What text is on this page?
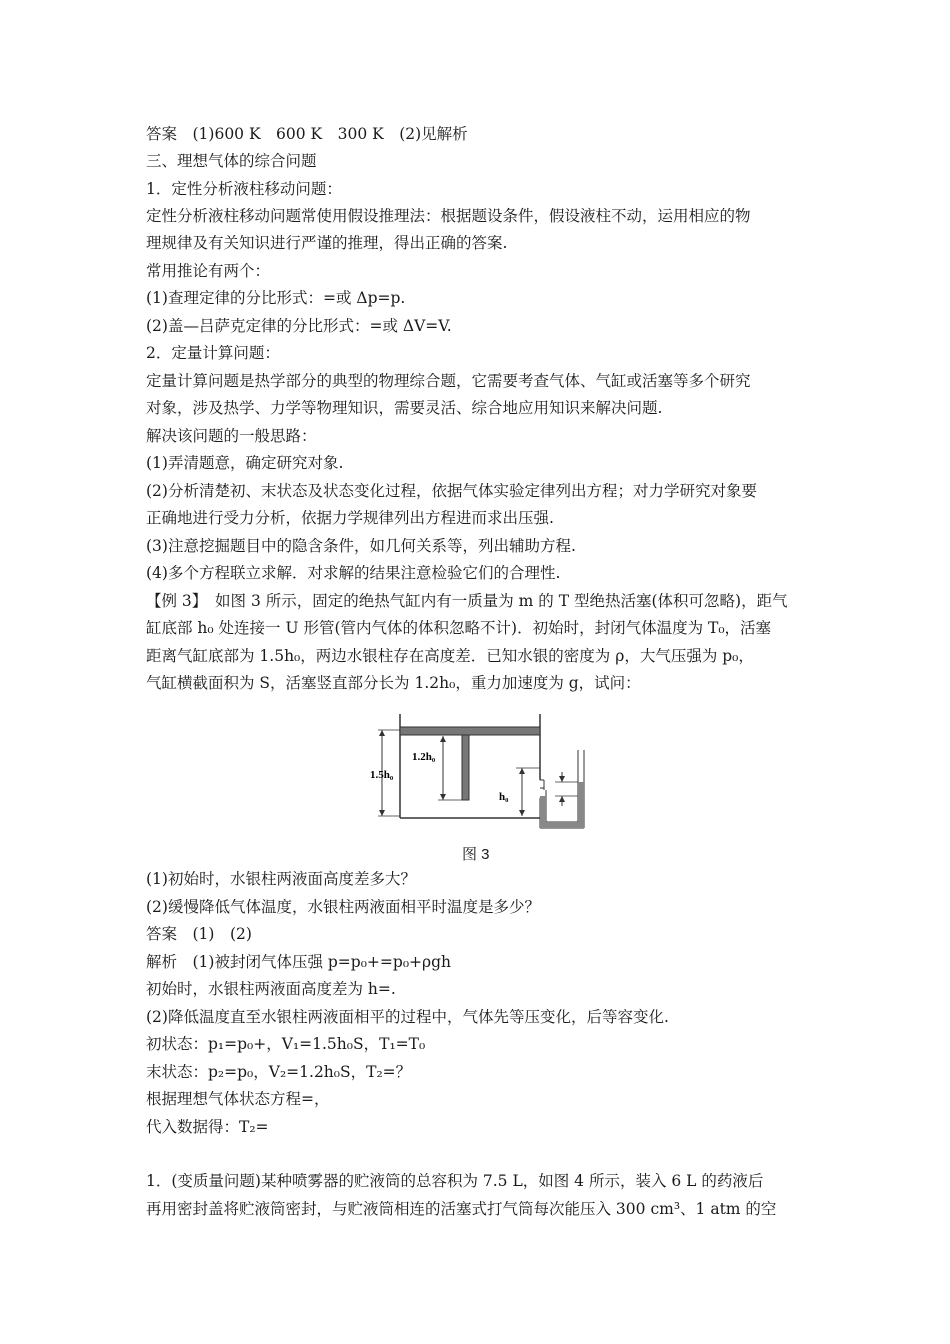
答案　(1)600 K　600 K　300 K　(2)见解析
三、理想气体的综合问题
1．定性分析液柱移动问题：
定性分析液柱移动问题常使用假设推理法：根据题设条件，假设液柱不动，运用相应的物
理规律及有关知识进行严谨的推理，得出正确的答案.
常用推论有两个：
(1)查理定律的分比形式：=或 Δp=p.
(2)盖—吕萨克定律的分比形式：=或 ΔV=V.
2．定量计算问题：
定量计算问题是热学部分的典型的物理综合题，它需要考查气体、气缸或活塞等多个研究
对象，涉及热学、力学等物理知识，需要灵活、综合地应用知识来解决问题.
解决该问题的一般思路：
(1)弄清题意，确定研究对象.
(2)分析清楚初、末状态及状态变化过程，依据气体实验定律列出方程；对力学研究对象要
正确地进行受力分析，依据力学规律列出方程进而求出压强.
(3)注意挖掘题目中的隐含条件，如几何关系等，列出辅助方程.
(4)多个方程联立求解．对求解的结果注意检验它们的合理性.
【例 3】　如图 3 所示，固定的绝热气缸内有一质量为 m 的 T 型绝热活塞(体积可忽略)，距气
缸底部 h₀ 处连接一 U 形管(管内气体的体积忽略不计)．初始时，封闭气体温度为 T₀，活塞
距离气缸底部为 1.5h₀，两边水银柱存在高度差．已知水银的密度为 ρ，大气压强为 p₀，
气缸横截面积为 S，活塞竖直部分长为 1.2h₀，重力加速度为 g，试问：
1.5h₀
1.2h₀
h₀
图 3
(1)初始时，水银柱两液面高度差多大？
(2)缓慢降低气体温度，水银柱两液面相平时温度是多少？
答案　(1)　(2)
解析　(1)被封闭气体压强 p=p₀+=p₀+ρgh
初始时，水银柱两液面高度差为 h=.
(2)降低温度直至水银柱两液面相平的过程中，气体先等压变化，后等容变化.
初状态：p₁=p₀+，V₁=1.5h₀S，T₁=T₀
末状态：p₂=p₀，V₂=1.2h₀S，T₂=？
根据理想气体状态方程=，
代入数据得：T₂=
1．(变质量问题)某种喷雾器的贮液筒的总容积为 7.5 L，如图 4 所示，装入 6 L 的药液后
再用密封盖将贮液筒密封，与贮液筒相连的活塞式打气筒每次能压入 300 cm³、1 atm 的空
